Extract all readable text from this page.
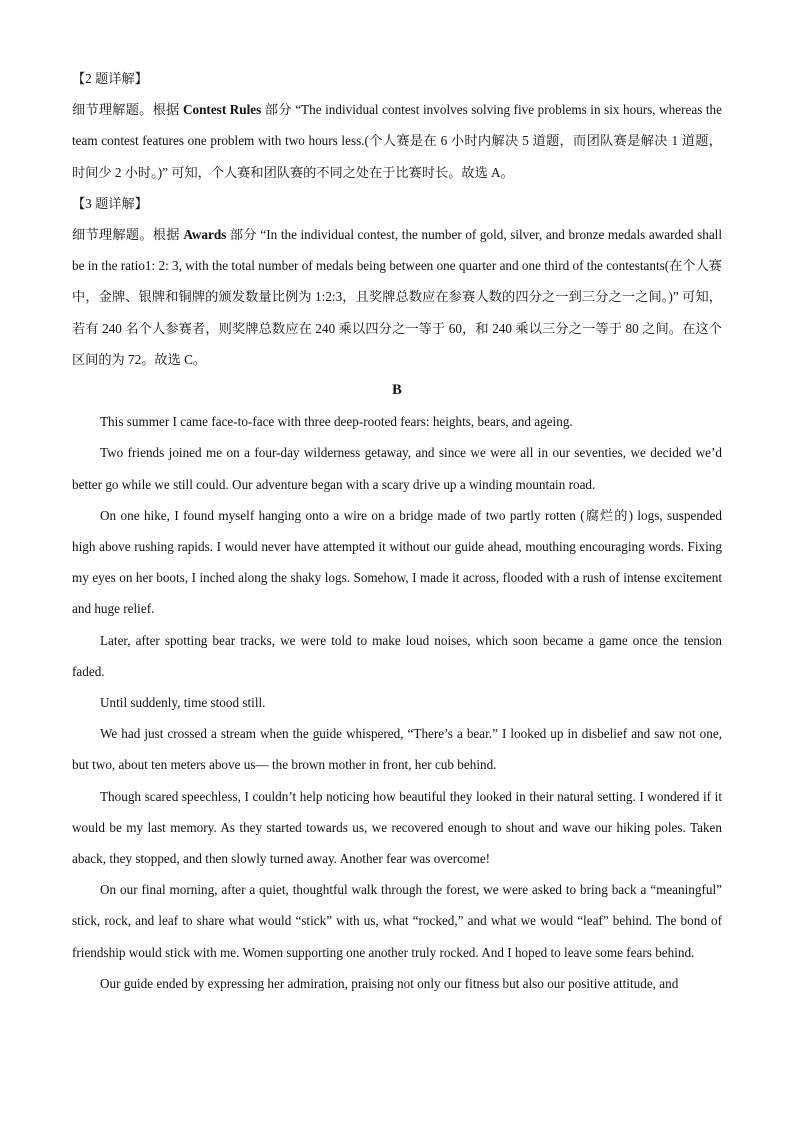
【2 题详解】

细节理解题。根据 Contest Rules 部分 “The individual contest involves solving five problems in six hours, whereas the team contest features one problem with two hours less.(个人赛是在 6 小时内解决 5 道题，而团队赛是解决 1 道题，时间少 2 小时。)” 可知，个人赛和团队赛的不同之处在于比赛时长。故选 A。

【3 题详解】

细节理解题。根据 Awards 部分 “In the individual contest, the number of gold, silver, and bronze medals awarded shall be in the ratio1: 2: 3, with the total number of medals being between one quarter and one third of the contestants(在个人赛中，金牌、银牌和铜牌的颁发数量比例为 1:2:3，且奖牌总数应在参赛人数的四分之一到三分之一之间。)” 可知，若有 240 名个人参赛者，则奖牌总数应在 240 乘以四分之一等于 60，和 240 乘以三分之一等于 80 之间。在这个区间的为 72。故选 C。

B

This summer I came face-to-face with three deep-rooted fears: heights, bears, and ageing.

Two friends joined me on a four-day wilderness getaway, and since we were all in our seventies, we decided we’d better go while we still could. Our adventure began with a scary drive up a winding mountain road.

On one hike, I found myself hanging onto a wire on a bridge made of two partly rotten (腐烂的) logs, suspended high above rushing rapids. I would never have attempted it without our guide ahead, mouthing encouraging words. Fixing my eyes on her boots, I inched along the shaky logs. Somehow, I made it across, flooded with a rush of intense excitement and huge relief.

Later, after spotting bear tracks, we were told to make loud noises, which soon became a game once the tension faded.

Until suddenly, time stood still.

We had just crossed a stream when the guide whispered, “There’s a bear.” I looked up in disbelief and saw not one, but two, about ten meters above us— the brown mother in front, her cub behind.

Though scared speechless, I couldn’t help noticing how beautiful they looked in their natural setting. I wondered if it would be my last memory. As they started towards us, we recovered enough to shout and wave our hiking poles. Taken aback, they stopped, and then slowly turned away. Another fear was overcome!

On our final morning, after a quiet, thoughtful walk through the forest, we were asked to bring back a “meaningful” stick, rock, and leaf to share what would “stick” with us, what “rocked,” and what we would “leaf” behind. The bond of friendship would stick with me. Women supporting one another truly rocked. And I hoped to leave some fears behind.

Our guide ended by expressing her admiration, praising not only our fitness but also our positive attitude, and
